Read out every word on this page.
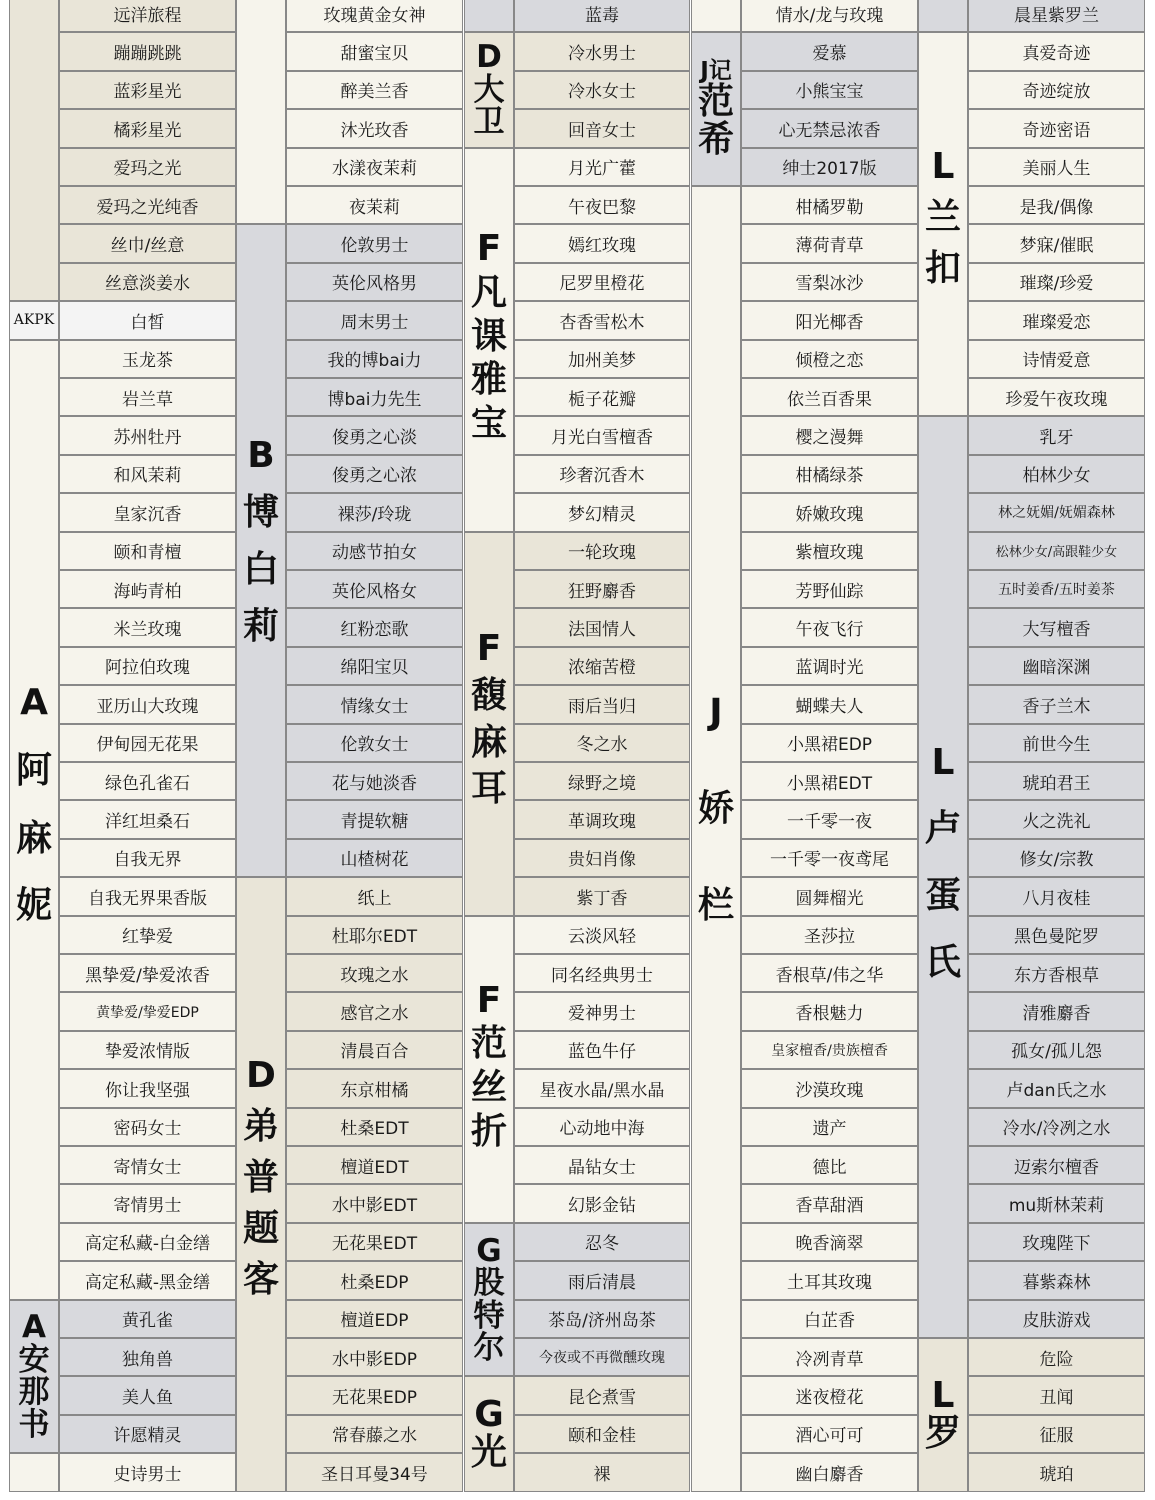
远洋旅程
蹦蹦跳跳
蓝彩星光
橘彩星光
爱玛之光
爱玛之光纯香
丝巾/丝意
丝意淡姜水
AKPK	白皙
A
阿
麻
妮
玉龙茶
岩兰草
苏州牡丹
和风茉莉
皇家沉香
颐和青檀
海屿青柏
米兰玫瑰
阿拉伯玫瑰
亚历山大玫瑰
伊甸园无花果
绿色孔雀石
洋红坦桑石
自我无界
自我无界果香版
红挚爱
黑挚爱/挚爱浓香
黄挚爱/挚爱EDP
挚爱浓情版
你让我坚强
密码女士
寄情女士
寄情男士
高定私藏-白金缮
高定私藏-黑金缮
A
安
那
书
黄孔雀
独角兽
美人鱼
许愿精灵
史诗男士
玫瑰黄金女神
甜蜜宝贝
醉美兰香
沐光玫香
水漾夜茉莉
夜茉莉
B
博
白
莉
伦敦男士
英伦风格男
周末男士
我的博bai力
博bai力先生
俊勇之心淡
俊勇之心浓
裸莎/玲珑
动感节拍女
英伦风格女
红粉恋歌
绵阳宝贝
情缘女士
伦敦女士
花与她淡香
青提软糖
山楂树花
D
弟
普
题
客
纸上
杜耶尔EDT
玫瑰之水
感官之水
清晨百合
东京柑橘
杜桑EDT
檀道EDT
水中影EDT
无花果EDT
杜桑EDP
檀道EDP
水中影EDP
无花果EDP
常春藤之水
圣日耳曼34号
蓝毒
D
大
卫
冷水男士
冷水女士
回音女士
F
凡
课
雅
宝
月光广藿
午夜巴黎
嫣红玫瑰
尼罗里橙花
杏香雪松木
加州美梦
栀子花瓣
月光白雪檀香
珍奢沉香木
梦幻精灵
F
馥
麻
耳
一轮玫瑰
狂野麝香
法国情人
浓缩苦橙
雨后当归
冬之水
绿野之境
革调玫瑰
贵妇肖像
紫丁香
F
范
丝
折
云淡风轻
同名经典男士
爱神男士
蓝色牛仔
星夜水晶/黑水晶
心动地中海
晶钻女士
幻影金钻
G
股
特
尔
忍冬
雨后清晨
茶岛/济州岛茶
今夜或不再微醺玫瑰
G
光
昆仑煮雪
颐和金桂
裸
情水/龙与玫瑰
J记
范
希
爱慕
小熊宝宝
心无禁忌浓香
绅士2017版
J
娇
栏
柑橘罗勒
薄荷青草
雪梨冰沙
阳光椰香
倾橙之恋
依兰百香果
樱之漫舞
柑橘绿茶
娇嫩玫瑰
紫檀玫瑰
芳野仙踪
午夜飞行
蓝调时光
蝴蝶夫人
小黑裙EDP
小黑裙EDT
一千零一夜
一千零一夜鸢尾
圆舞榴光
圣莎拉
香根草/伟之华
香根魅力
皇家檀香/贵族檀香
沙漠玫瑰
遗产
德比
香草甜酒
晚香滴翠
土耳其玫瑰
白芷香
冷冽青草
迷夜橙花
酒心可可
幽白麝香
晨星紫罗兰
L
兰
扣
真爱奇迹
奇迹绽放
奇迹密语
美丽人生
是我/偶像
梦寐/催眠
璀璨/珍爱
璀璨爱恋
诗情爱意
珍爱午夜玫瑰
L
卢
蛋
氏
乳牙
柏林少女
林之妩媚/妩媚森林
松林少女/高跟鞋少女
五时姜香/五时姜茶
大写檀香
幽暗深渊
香子兰木
前世今生
琥珀君王
火之洗礼
修女/宗教
八月夜桂
黑色曼陀罗
东方香根草
清雅麝香
孤女/孤儿怨
卢dan氏之水
冷水/冷冽之水
迈索尔檀香
mu斯林茉莉
玫瑰陛下
暮紫森林
皮肤游戏
L
罗
危险
丑闻
征服
琥珀
